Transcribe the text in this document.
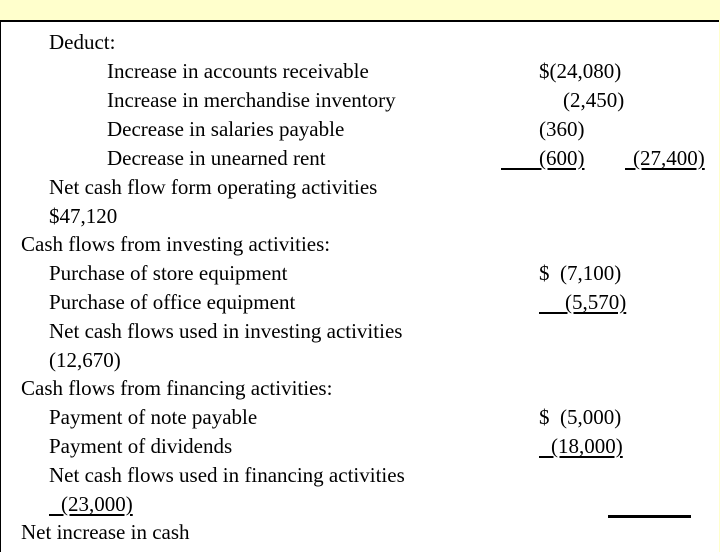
Deduct:
Increase in accounts receivable	$(24,080)
Increase in merchandise inventory	(2,450)
Decrease in salaries payable	(360)
Decrease in unearned rent	(600) (27,400)
Net cash flow form operating activities
$47,120
Cash flows from investing activities:
Purchase of store equipment	$  (7,100)
Purchase of office equipment	(5,570)
Net cash flows used in investing activities
(12,670)
Cash flows from financing activities:
Payment of note payable	$  (5,000)
Payment of dividends	(18,000)
Net cash flows used in financing activities
(23,000)
Net increase in cash
